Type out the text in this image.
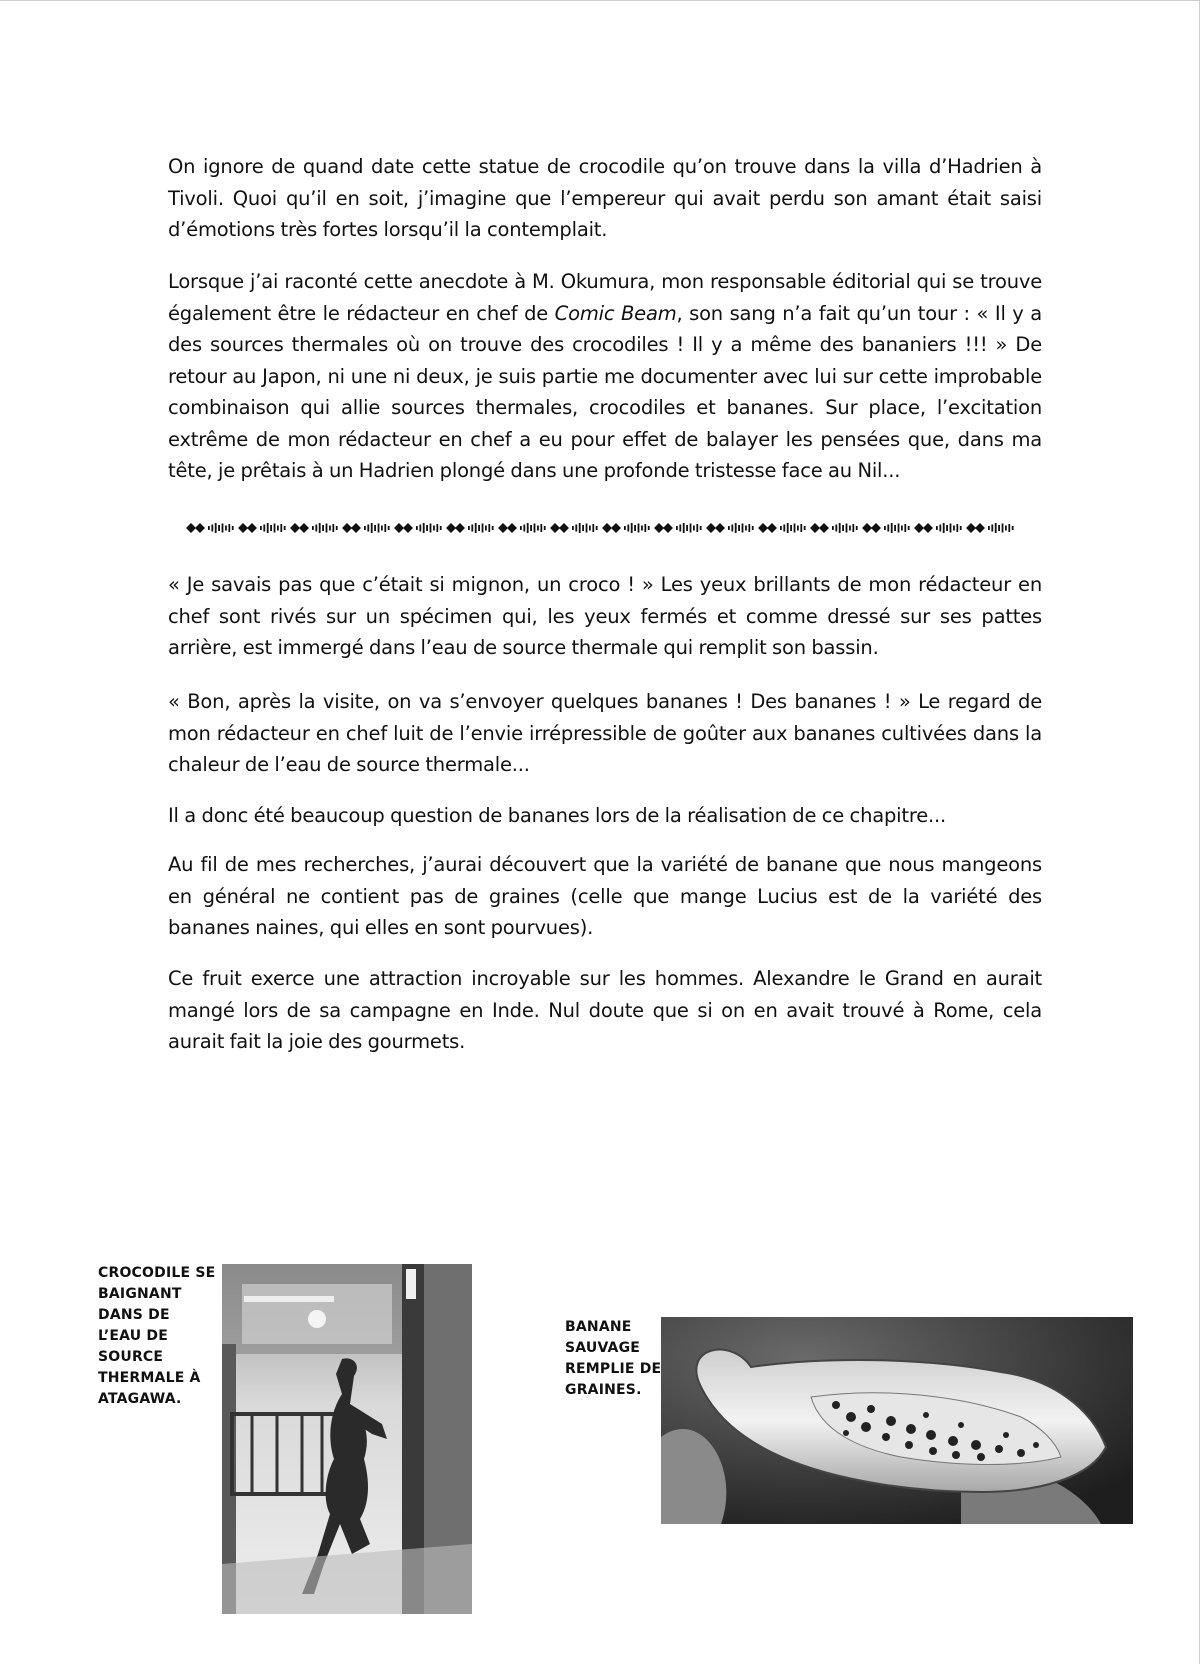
On ignore de quand date cette statue de crocodile qu’on trouve dans la villa d’Hadrien à Tivoli. Quoi qu’il en soit, j’imagine que l’empereur qui avait perdu son amant était saisi d’émotions très fortes lorsqu’il la contemplait.

Lorsque j’ai raconté cette anecdote à M. Okumura, mon responsable éditorial qui se trouve également être le rédacteur en chef de Comic Beam, son sang n’a fait qu’un tour : « Il y a des sources thermales où on trouve des crocodiles ! Il y a même des bananiers !!! » De retour au Japon, ni une ni deux, je suis partie me documenter avec lui sur cette improbable combinaison qui allie sources thermales, crocodiles et bananes. Sur place, l’excitation extrême de mon rédacteur en chef a eu pour effet de balayer les pensées que, dans ma tête, je prêtais à un Hadrien plongé dans une profonde tristesse face au Nil...

« Je savais pas que c’était si mignon, un croco ! » Les yeux brillants de mon rédacteur en chef sont rivés sur un spécimen qui, les yeux fermés et comme dressé sur ses pattes arrière, est immergé dans l’eau de source thermale qui remplit son bassin.

« Bon, après la visite, on va s’envoyer quelques bananes ! Des bananes ! » Le regard de mon rédacteur en chef luit de l’envie irrépressible de goûter aux bananes cultivées dans la chaleur de l’eau de source thermale...

Il a donc été beaucoup question de bananes lors de la réalisation de ce chapitre...

Au fil de mes recherches, j’aurai découvert que la variété de banane que nous mangeons en général ne contient pas de graines (celle que mange Lucius est de la variété des bananes naines, qui elles en sont pourvues).

Ce fruit exerce une attraction incroyable sur les hommes. Alexandre le Grand en aurait mangé lors de sa campagne en Inde. Nul doute que si on en avait trouvé à Rome, cela aurait fait la joie des gourmets.

CROCODILE SE BAIGNANT DANS DE L’EAU DE SOURCE THERMALE À ATAGAWA.
BANANE SAUVAGE REMPLIE DE GRAINES.
